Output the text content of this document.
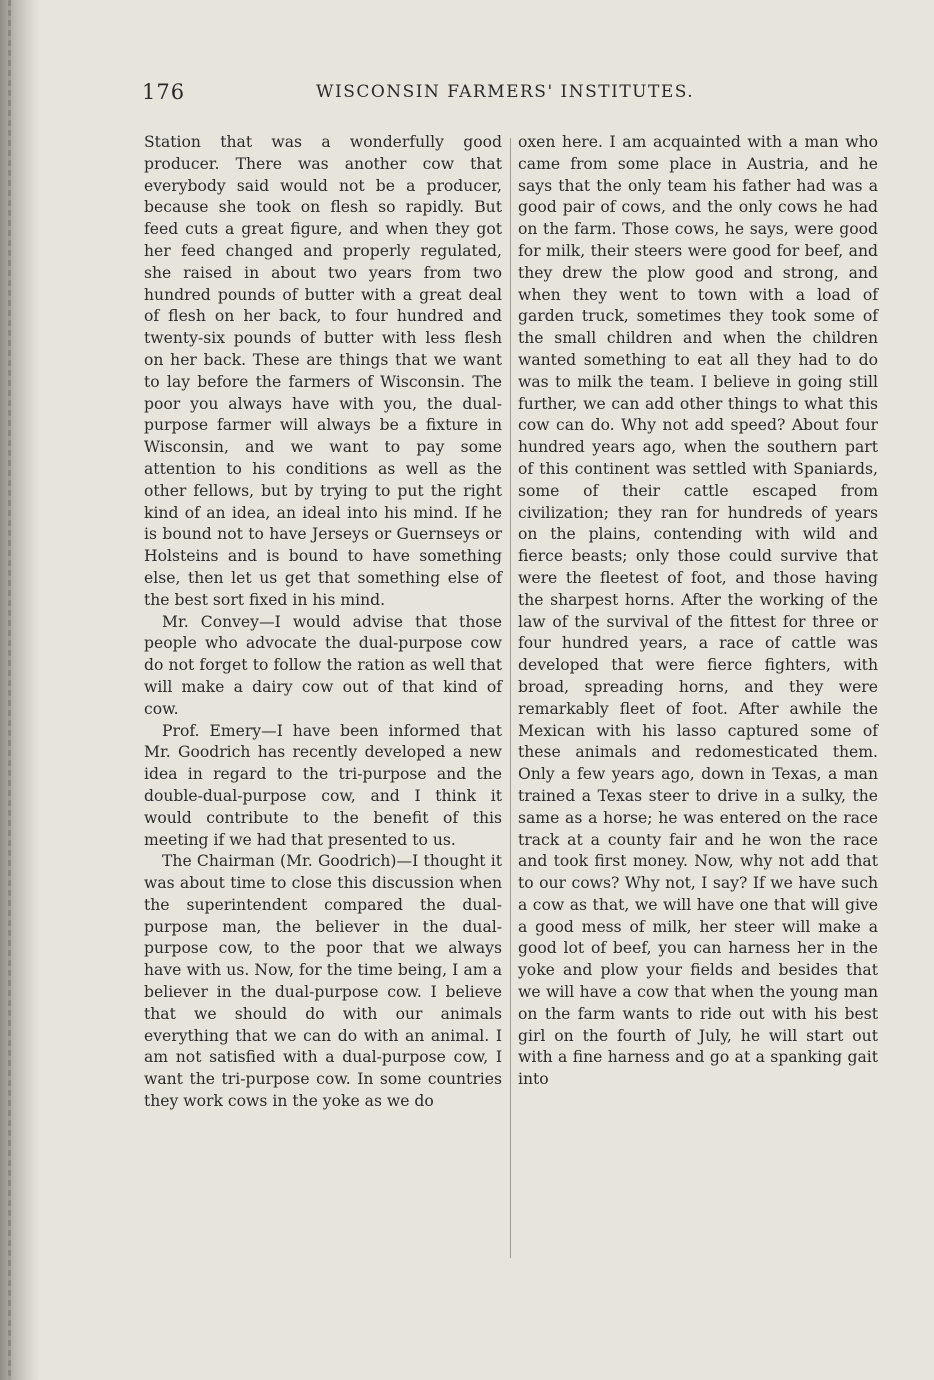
176	WISCONSIN FARMERS' INSTITUTES.

Station that was a wonderfully good producer. There was another cow that everybody said would not be a producer, because she took on flesh so rapidly. But feed cuts a great figure, and when they got her feed changed and properly regulated, she raised in about two years from two hundred pounds of butter with a great deal of flesh on her back, to four hundred and twenty-six pounds of butter with less flesh on her back. These are things that we want to lay before the farmers of Wisconsin. The poor you always have with you, the dual-purpose farmer will always be a fixture in Wisconsin, and we want to pay some attention to his conditions as well as the other fellows, but by trying to put the right kind of an idea, an ideal into his mind. If he is bound not to have Jerseys or Guernseys or Holsteins and is bound to have something else, then let us get that something else of the best sort fixed in his mind.

Mr. Convey—I would advise that those people who advocate the dual-purpose cow do not forget to follow the ration as well that will make a dairy cow out of that kind of cow.

Prof. Emery—I have been informed that Mr. Goodrich has recently developed a new idea in regard to the tri-purpose and the double-dual-purpose cow, and I think it would contribute to the benefit of this meeting if we had that presented to us.

The Chairman (Mr. Goodrich)—I thought it was about time to close this discussion when the superintendent compared the dual-purpose man, the believer in the dual-purpose cow, to the poor that we always have with us. Now, for the time being, I am a believer in the dual-purpose cow. I believe that we should do with our animals everything that we can do with an animal. I am not satisfied with a dual-purpose cow, I want the tri-purpose cow. In some countries they work cows in the yoke as we do

oxen here. I am acquainted with a man who came from some place in Austria, and he says that the only team his father had was a good pair of cows, and the only cows he had on the farm. Those cows, he says, were good for milk, their steers were good for beef, and they drew the plow good and strong, and when they went to town with a load of garden truck, sometimes they took some of the small children and when the children wanted something to eat all they had to do was to milk the team. I believe in going still further, we can add other things to what this cow can do. Why not add speed? About four hundred years ago, when the southern part of this continent was settled with Spaniards, some of their cattle escaped from civilization; they ran for hundreds of years on the plains, contending with wild and fierce beasts; only those could survive that were the fleetest of foot, and those having the sharpest horns. After the working of the law of the survival of the fittest for three or four hundred years, a race of cattle was developed that were fierce fighters, with broad, spreading horns, and they were remarkably fleet of foot. After awhile the Mexican with his lasso captured some of these animals and redomesticated them. Only a few years ago, down in Texas, a man trained a Texas steer to drive in a sulky, the same as a horse; he was entered on the race track at a county fair and he won the race and took first money. Now, why not add that to our cows? Why not, I say? If we have such a cow as that, we will have one that will give a good mess of milk, her steer will make a good lot of beef, you can harness her in the yoke and plow your fields and besides that we will have a cow that when the young man on the farm wants to ride out with his best girl on the fourth of July, he will start out with a fine harness and go at a spanking gait into
